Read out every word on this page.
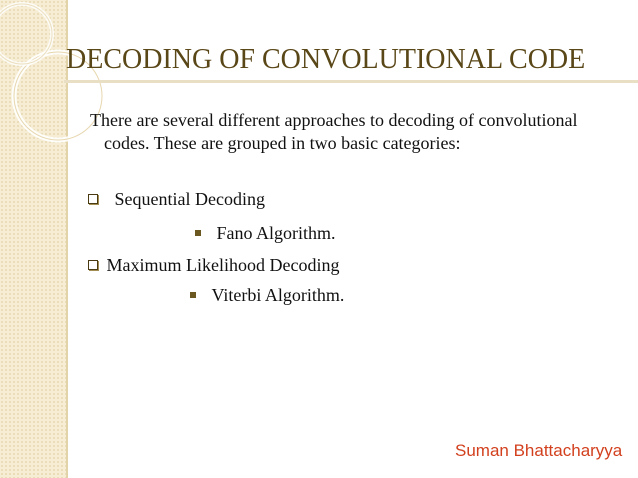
DECODING OF CONVOLUTIONAL CODE

There are several different approaches to decoding of convolutional codes. These are grouped in two basic categories:

Sequential Decoding
Fano Algorithm.
Maximum Likelihood Decoding
Viterbi Algorithm.
Suman Bhattacharyya
